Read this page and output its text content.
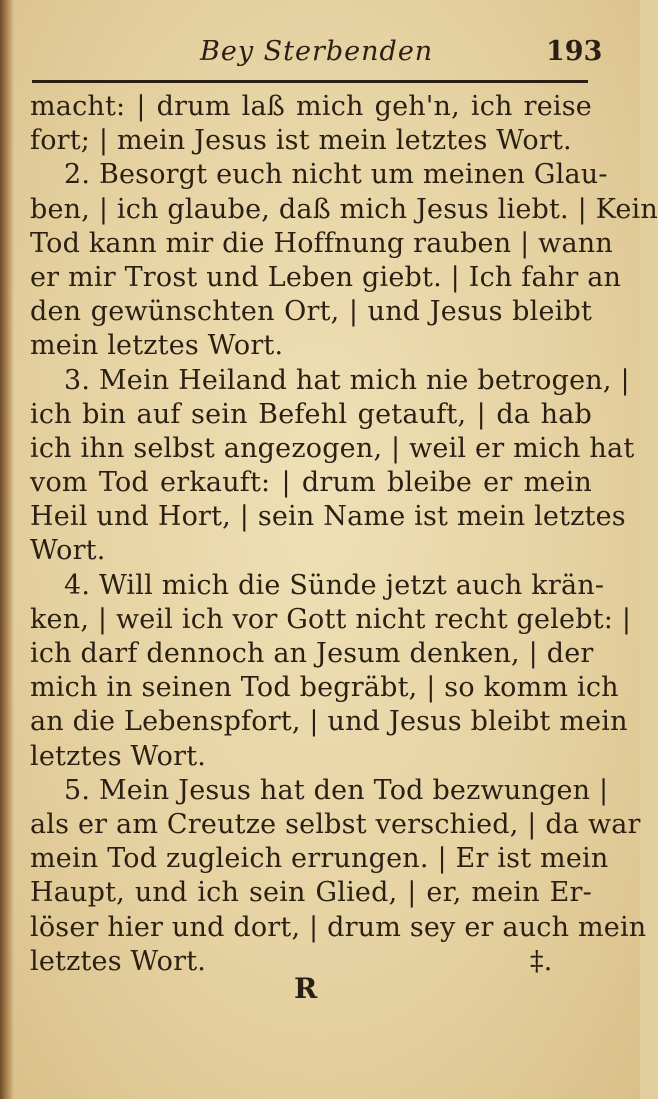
Bey Sterbenden	193
macht: | drum laß mich geh'n, ich reise
fort; | mein Jesus ist mein letztes Wort.
2. Besorgt euch nicht um meinen Glau-
ben, | ich glaube, daß mich Jesus liebt. | Kein
Tod kann mir die Hoffnung rauben | wann
er mir Trost und Leben giebt. | Ich fahr an
den gewünschten Ort, | und Jesus bleibt
mein letztes Wort.
3. Mein Heiland hat mich nie betrogen, |
ich bin auf sein Befehl getauft, | da hab
ich ihn selbst angezogen, | weil er mich hat
vom Tod erkauft: | drum bleibe er mein
Heil und Hort, | sein Name ist mein letztes
Wort.
4. Will mich die Sünde jetzt auch krän-
ken, | weil ich vor Gott nicht recht gelebt: |
ich darf dennoch an Jesum denken, | der
mich in seinen Tod begräbt, | so komm ich
an die Lebenspfort, | und Jesus bleibt mein
letztes Wort.
5. Mein Jesus hat den Tod bezwungen |
als er am Creutze selbst verschied, | da war
mein Tod zugleich errungen. | Er ist mein
Haupt, und ich sein Glied, | er, mein Er-
löser hier und dort, | drum sey er auch mein
letztes Wort.	‡.
R
